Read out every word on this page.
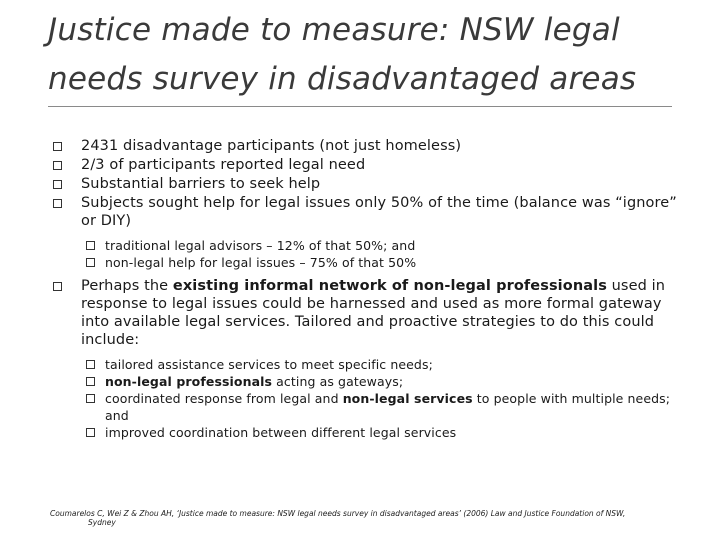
Justice made to measure: NSW legal
needs survey in disadvantaged areas
2431 disadvantage participants (not just homeless)
2/3 of participants reported legal need
Substantial barriers to seek help
Subjects sought help for legal issues only 50% of the time (balance was “ignore” or DIY)
traditional legal advisors – 12% of that 50%; and
non-legal help for legal issues – 75% of that 50%
Perhaps the existing informal network of non-legal professionals used in response to legal issues could be harnessed and used as more formal gateway into available legal services. Tailored and proactive strategies to do this could include:
tailored assistance services to meet specific needs;
non-legal professionals acting as gateways;
coordinated response from legal and non-legal services to people with multiple needs; and
improved coordination between different legal services
Coumarelos C, Wei Z & Zhou AH, ‘Justice made to measure: NSW legal needs survey in disadvantaged areas’ (2006) Law and Justice Foundation of NSW,
Sydney
